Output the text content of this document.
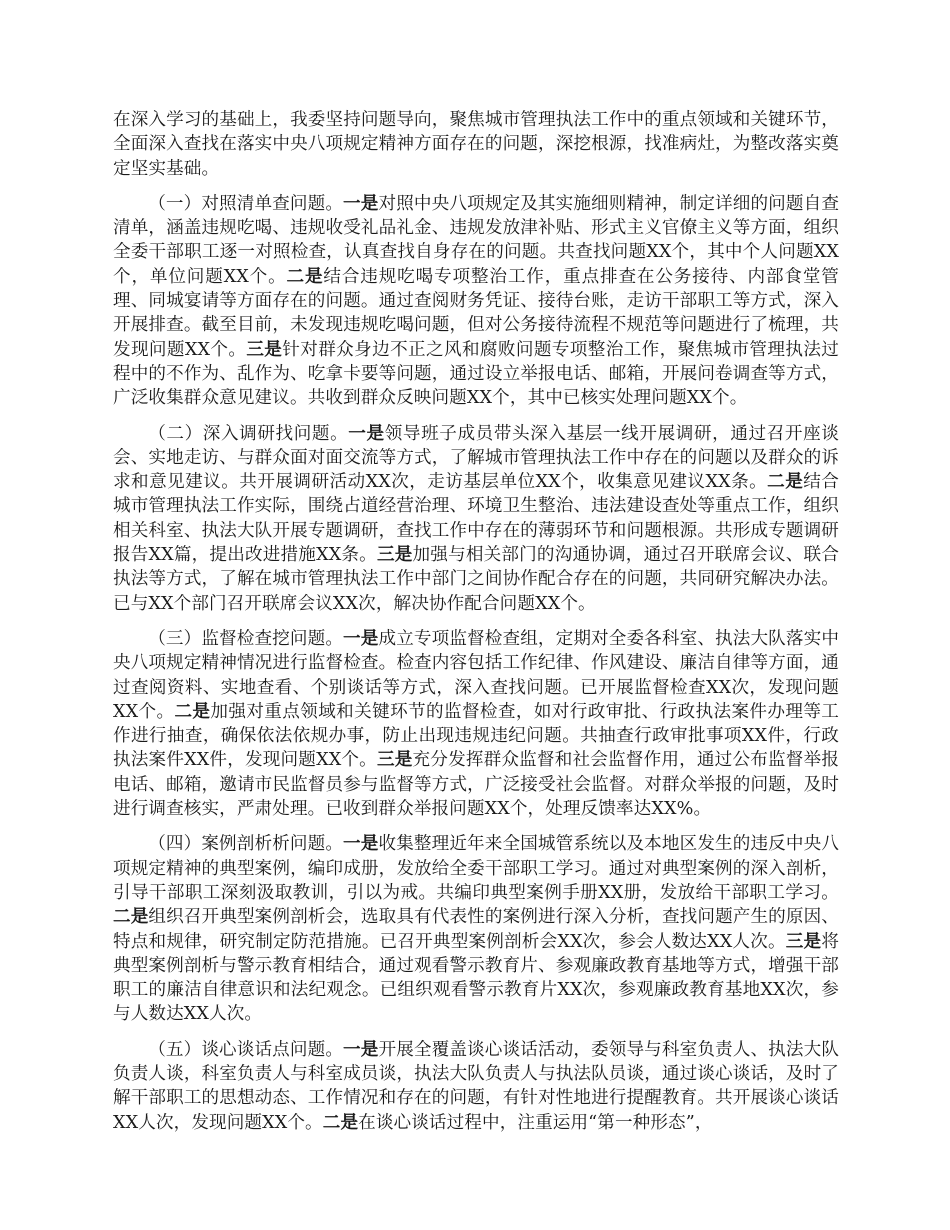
在深入学习的基础上，我委坚持问题导向，聚焦城市管理执法工作中的重点领域和关键环节，全面深入查找在落实中央八项规定精神方面存在的问题，深挖根源，找准病灶，为整改落实奠定坚实基础。

（一）对照清单查问题。一是对照中央八项规定及其实施细则精神，制定详细的问题自查清单，涵盖违规吃喝、违规收受礼品礼金、违规发放津补贴、形式主义官僚主义等方面，组织全委干部职工逐一对照检查，认真查找自身存在的问题。共查找问题XX个，其中个人问题XX个，单位问题XX个。二是结合违规吃喝专项整治工作，重点排查在公务接待、内部食堂管理、同城宴请等方面存在的问题。通过查阅财务凭证、接待台账，走访干部职工等方式，深入开展排查。截至目前，未发现违规吃喝问题，但对公务接待流程不规范等问题进行了梳理，共发现问题XX个。三是针对群众身边不正之风和腐败问题专项整治工作，聚焦城市管理执法过程中的不作为、乱作为、吃拿卡要等问题，通过设立举报电话、邮箱，开展问卷调查等方式，广泛收集群众意见建议。共收到群众反映问题XX个，其中已核实处理问题XX个。

（二）深入调研找问题。一是领导班子成员带头深入基层一线开展调研，通过召开座谈会、实地走访、与群众面对面交流等方式，了解城市管理执法工作中存在的问题以及群众的诉求和意见建议。共开展调研活动XX次，走访基层单位XX个，收集意见建议XX条。二是结合城市管理执法工作实际，围绕占道经营治理、环境卫生整治、违法建设查处等重点工作，组织相关科室、执法大队开展专题调研，查找工作中存在的薄弱环节和问题根源。共形成专题调研报告XX篇，提出改进措施XX条。三是加强与相关部门的沟通协调，通过召开联席会议、联合执法等方式，了解在城市管理执法工作中部门之间协作配合存在的问题，共同研究解决办法。已与XX个部门召开联席会议XX次，解决协作配合问题XX个。

（三）监督检查挖问题。一是成立专项监督检查组，定期对全委各科室、执法大队落实中央八项规定精神情况进行监督检查。检查内容包括工作纪律、作风建设、廉洁自律等方面，通过查阅资料、实地查看、个别谈话等方式，深入查找问题。已开展监督检查XX次，发现问题XX个。二是加强对重点领域和关键环节的监督检查，如对行政审批、行政执法案件办理等工作进行抽查，确保依法依规办事，防止出现违规违纪问题。共抽查行政审批事项XX件，行政执法案件XX件，发现问题XX个。三是充分发挥群众监督和社会监督作用，通过公布监督举报电话、邮箱，邀请市民监督员参与监督等方式，广泛接受社会监督。对群众举报的问题，及时进行调查核实，严肃处理。已收到群众举报问题XX个，处理反馈率达XX%。

（四）案例剖析析问题。一是收集整理近年来全国城管系统以及本地区发生的违反中央八项规定精神的典型案例，编印成册，发放给全委干部职工学习。通过对典型案例的深入剖析，引导干部职工深刻汲取教训，引以为戒。共编印典型案例手册XX册，发放给干部职工学习。二是组织召开典型案例剖析会，选取具有代表性的案例进行深入分析，查找问题产生的原因、特点和规律，研究制定防范措施。已召开典型案例剖析会XX次，参会人数达XX人次。三是将典型案例剖析与警示教育相结合，通过观看警示教育片、参观廉政教育基地等方式，增强干部职工的廉洁自律意识和法纪观念。已组织观看警示教育片XX次，参观廉政教育基地XX次，参与人数达XX人次。

（五）谈心谈话点问题。一是开展全覆盖谈心谈话活动，委领导与科室负责人、执法大队负责人谈，科室负责人与科室成员谈，执法大队负责人与执法队员谈，通过谈心谈话，及时了解干部职工的思想动态、工作情况和存在的问题，有针对性地进行提醒教育。共开展谈心谈话XX人次，发现问题XX个。二是在谈心谈话过程中，注重运用“第一种形态”，
